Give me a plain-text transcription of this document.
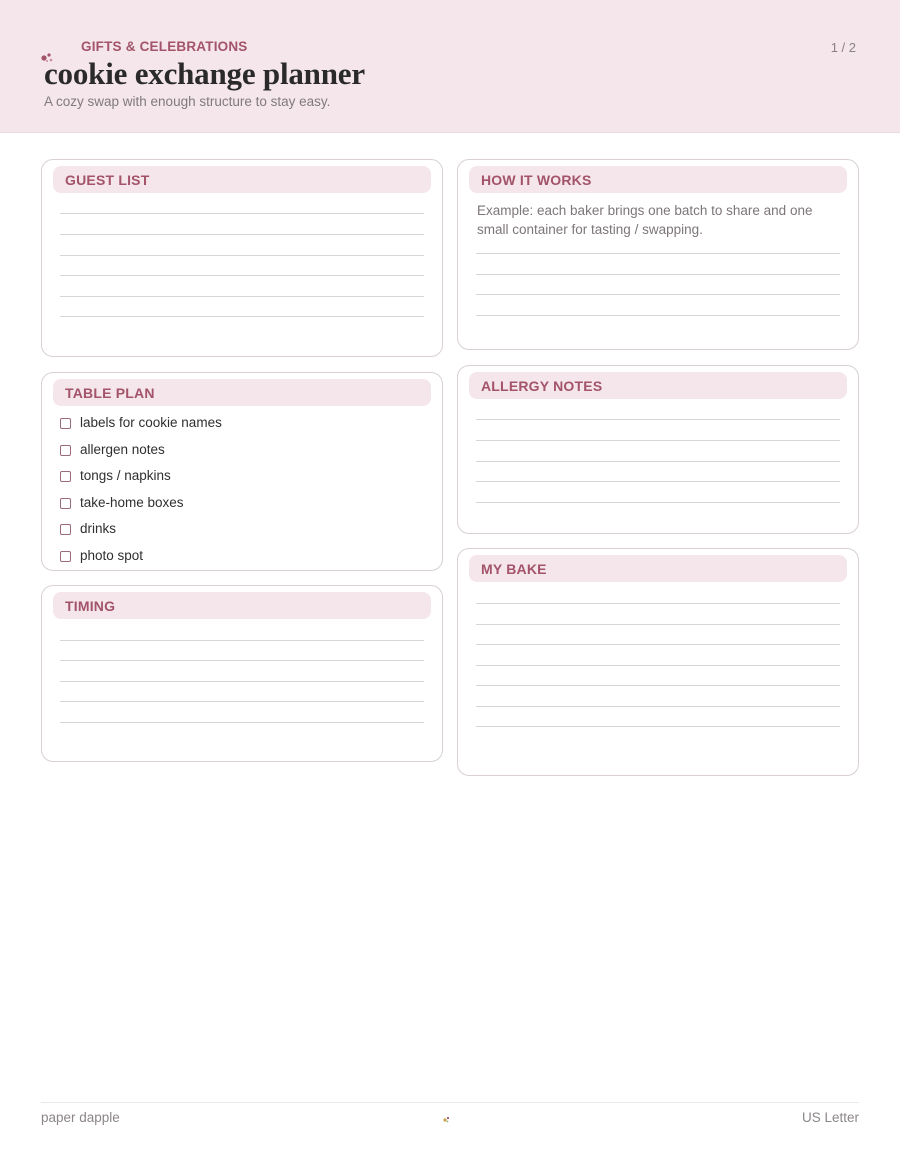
GIFTS & CELEBRATIONS	1 / 2
cookie exchange planner
A cozy swap with enough structure to stay easy.
GUEST LIST
TABLE PLAN
labels for cookie names
allergen notes
tongs / napkins
take-home boxes
drinks
photo spot
TIMING
HOW IT WORKS
Example: each baker brings one batch to share and one small container for tasting / swapping.
ALLERGY NOTES
MY BAKE
paper dapple	US Letter
